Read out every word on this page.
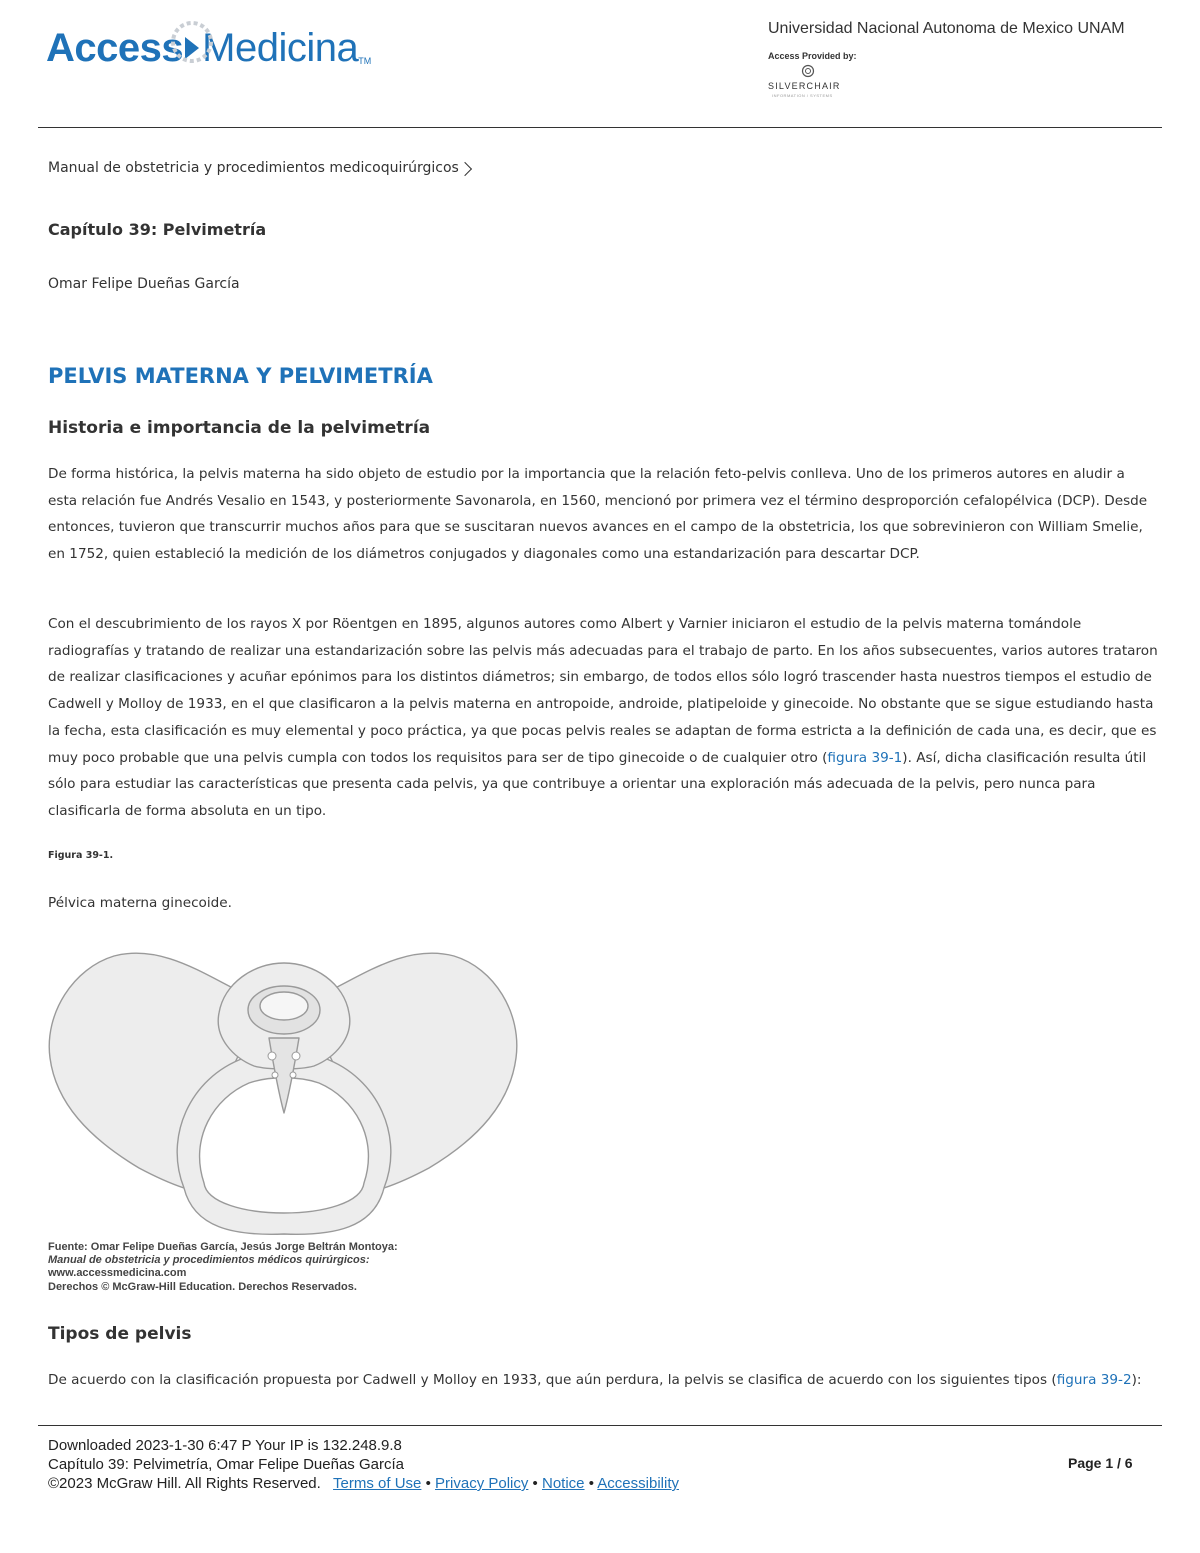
Access Medicina TM
Universidad Nacional Autonoma de Mexico UNAM
Access Provided by:
SILVERCHAIR
INFORMATION / SYSTEMS
Manual de obstetricia y procedimientos medicoquirúrgicos
Capítulo 39: Pelvimetría
Omar Felipe Dueñas García
PELVIS MATERNA Y PELVIMETRÍA
Historia e importancia de la pelvimetría

De forma histórica, la pelvis materna ha sido objeto de estudio por la importancia que la relación feto-pelvis conlleva. Uno de los primeros autores en aludir a esta relación fue Andrés Vesalio en 1543, y posteriormente Savonarola, en 1560, mencionó por primera vez el término desproporción cefalopélvica (DCP). Desde entonces, tuvieron que transcurrir muchos años para que se suscitaran nuevos avances en el campo de la obstetricia, los que sobrevinieron con William Smelie, en 1752, quien estableció la medición de los diámetros conjugados y diagonales como una estandarización para descartar DCP.

Con el descubrimiento de los rayos X por Röentgen en 1895, algunos autores como Albert y Varnier iniciaron el estudio de la pelvis materna tomándole radiografías y tratando de realizar una estandarización sobre las pelvis más adecuadas para el trabajo de parto. En los años subsecuentes, varios autores trataron de realizar clasificaciones y acuñar epónimos para los distintos diámetros; sin embargo, de todos ellos sólo logró trascender hasta nuestros tiempos el estudio de Cadwell y Molloy de 1933, en el que clasificaron a la pelvis materna en antropoide, androide, platipeloide y ginecoide. No obstante que se sigue estudiando hasta la fecha, esta clasificación es muy elemental y poco práctica, ya que pocas pelvis reales se adaptan de forma estricta a la definición de cada una, es decir, que es muy poco probable que una pelvis cumpla con todos los requisitos para ser de tipo ginecoide o de cualquier otro (figura 39-1). Así, dicha clasificación resulta útil sólo para estudiar las características que presenta cada pelvis, ya que contribuye a orientar una exploración más adecuada de la pelvis, pero nunca para clasificarla de forma absoluta en un tipo.

Figura 39-1.
Pélvica materna ginecoide.
Fuente: Omar Felipe Dueñas García, Jesús Jorge Beltrán Montoya:
Manual de obstetricia y procedimientos médicos quirúrgicos:
www.accessmedicina.com
Derechos © McGraw-Hill Education. Derechos Reservados.
Tipos de pelvis

De acuerdo con la clasificación propuesta por Cadwell y Molloy en 1933, que aún perdura, la pelvis se clasifica de acuerdo con los siguientes tipos (figura 39-2):

Downloaded 2023-1-30 6:47 P Your IP is 132.248.9.8
Capítulo 39: Pelvimetría, Omar Felipe Dueñas García
©2023 McGraw Hill. All Rights Reserved. Terms of Use • Privacy Policy • Notice • Accessibility
Page 1 / 6
